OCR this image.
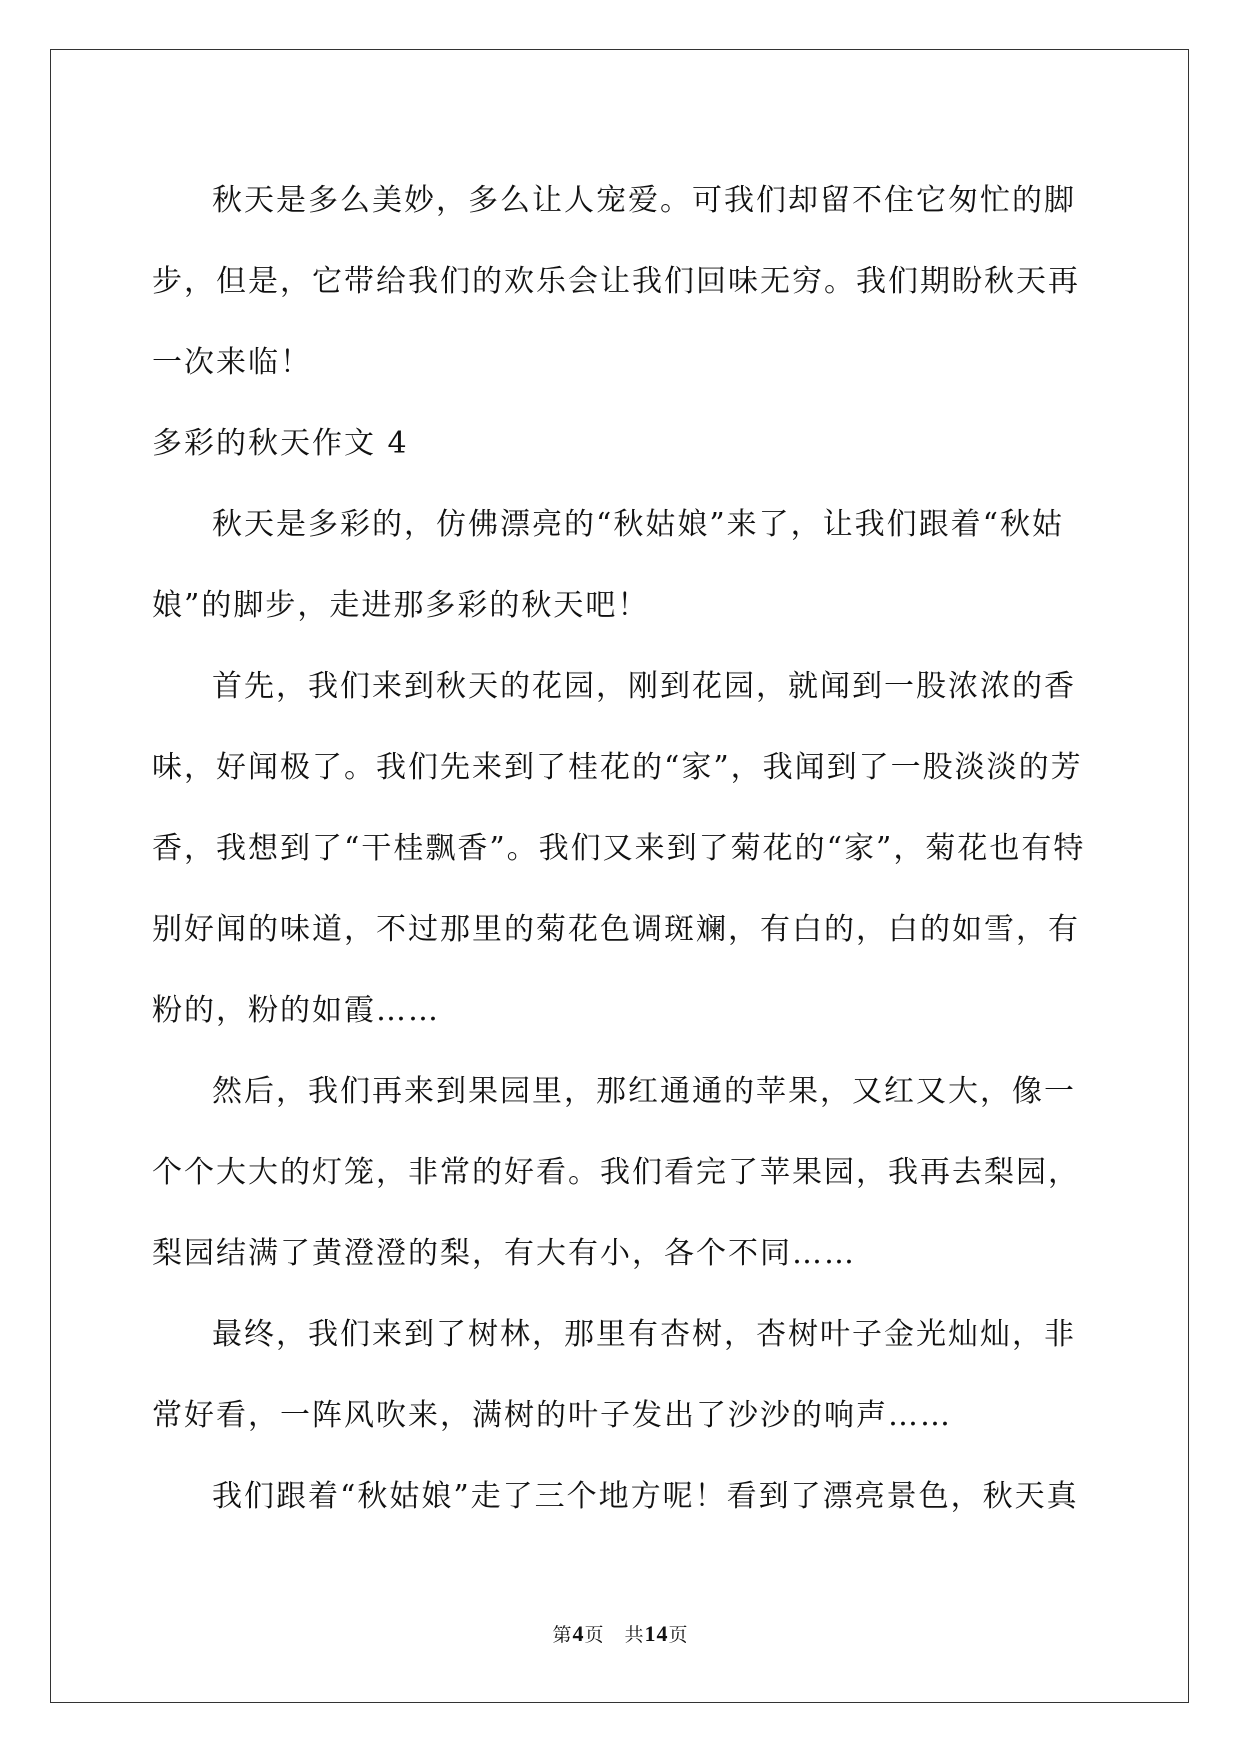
秋天是多么美妙，多么让人宠爱。可我们却留不住它匆忙的脚步，但是，它带给我们的欢乐会让我们回味无穷。我们期盼秋天再一次来临！

多彩的秋天作文 4

秋天是多彩的，仿佛漂亮的“秋姑娘”来了，让我们跟着“秋姑娘”的脚步，走进那多彩的秋天吧！

首先，我们来到秋天的花园，刚到花园，就闻到一股浓浓的香味，好闻极了。我们先来到了桂花的“家”，我闻到了一股淡淡的芳香，我想到了“干桂飘香”。我们又来到了菊花的“家”，菊花也有特别好闻的味道，不过那里的菊花色调斑斓，有白的，白的如雪，有粉的，粉的如霞……

然后，我们再来到果园里，那红通通的苹果，又红又大，像一个个大大的灯笼，非常的好看。我们看完了苹果园，我再去梨园，梨园结满了黄澄澄的梨，有大有小，各个不同……

最终，我们来到了树林，那里有杏树，杏树叶子金光灿灿，非常好看，一阵风吹来，满树的叶子发出了沙沙的响声……

我们跟着“秋姑娘”走了三个地方呢！看到了漂亮景色，秋天真

第4页　共14页
